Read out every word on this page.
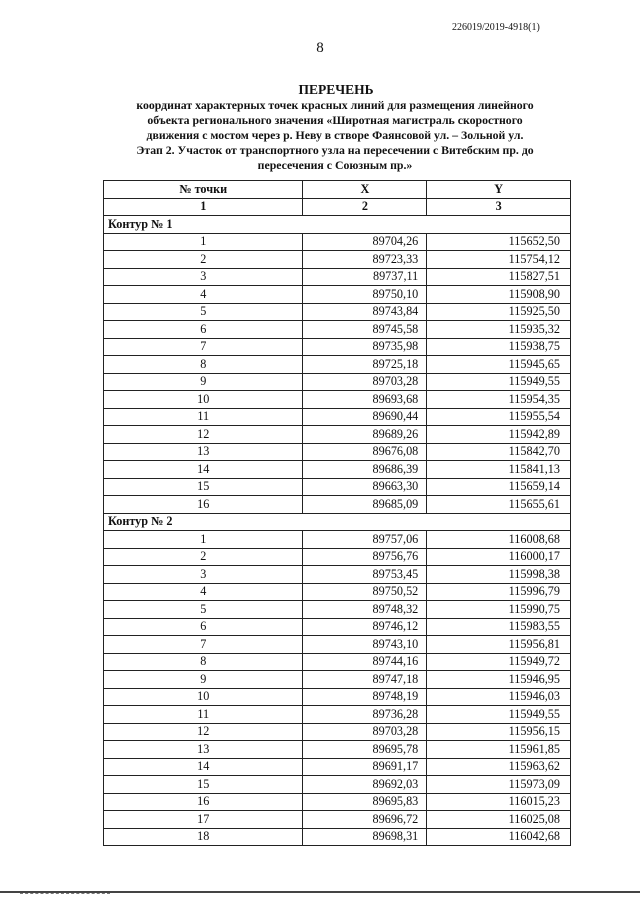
226019/2019-4918(1)
8
ПЕРЕЧЕНЬ
координат характерных точек красных линий для размещения линейного
объекта регионального значения «Широтная магистраль скоростного
движения с мостом через р. Неву в створе Фаянсовой ул. – Зольной ул.
Этап 2. Участок от транспортного узла на пересечении с Витебским пр. до
пересечения с Союзным пр.»
№ точки	X	Y
1	2	3
Контур № 1		
1	89704,26	115652,50
2	89723,33	115754,12
3	89737,11	115827,51
4	89750,10	115908,90
5	89743,84	115925,50
6	89745,58	115935,32
7	89735,98	115938,75
8	89725,18	115945,65
9	89703,28	115949,55
10	89693,68	115954,35
11	89690,44	115955,54
12	89689,26	115942,89
13	89676,08	115842,70
14	89686,39	115841,13
15	89663,30	115659,14
16	89685,09	115655,61
Контур № 2		
1	89757,06	116008,68
2	89756,76	116000,17
3	89753,45	115998,38
4	89750,52	115996,79
5	89748,32	115990,75
6	89746,12	115983,55
7	89743,10	115956,81
8	89744,16	115949,72
9	89747,18	115946,95
10	89748,19	115946,03
11	89736,28	115949,55
12	89703,28	115956,15
13	89695,78	115961,85
14	89691,17	115963,62
15	89692,03	115973,09
16	89695,83	116015,23
17	89696,72	116025,08
18	89698,31	116042,68
